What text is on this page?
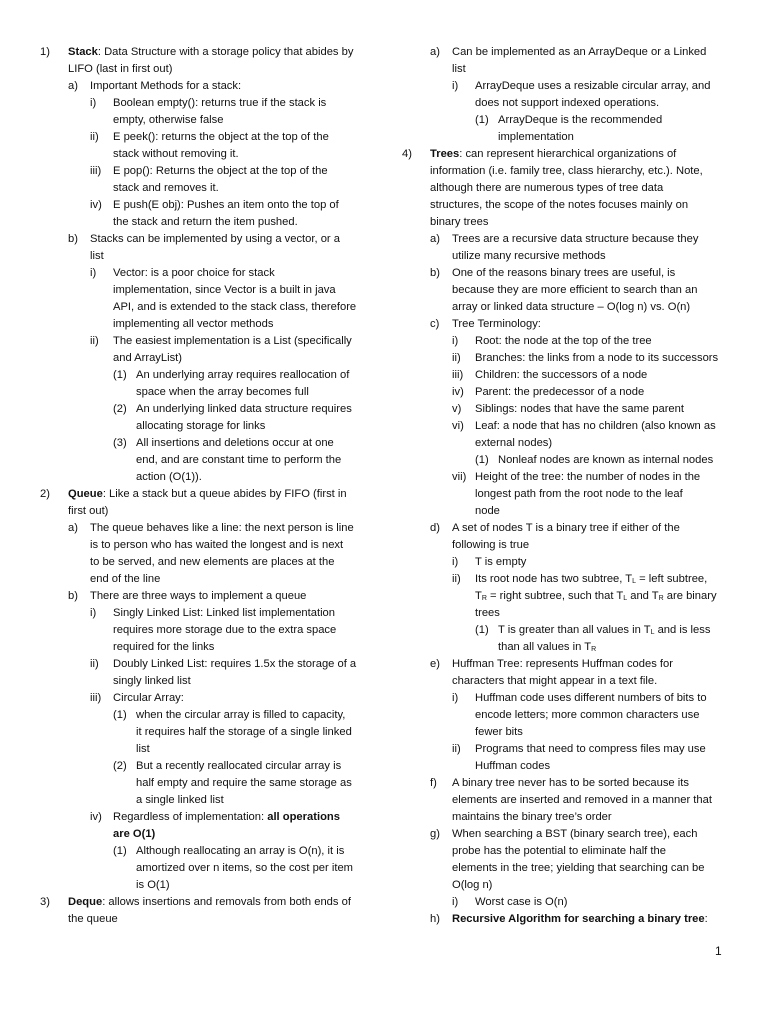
1) Stack: Data Structure with a storage policy that abides by
LIFO (last in first out)
a) Important Methods for a stack:
i) Boolean empty(): returns true if the stack is
empty, otherwise false
ii) E peek(): returns the object at the top of the
stack without removing it.
iii) E pop(): Returns the object at the top of the
stack and removes it.
iv) E push(E obj): Pushes an item onto the top of
the stack and return the item pushed.
b) Stacks can be implemented by using a vector, or a
list
i) Vector: is a poor choice for stack
implementation, since Vector is a built in java
API, and is extended to the stack class, therefore
implementing all vector methods
ii) The easiest implementation is a List (specifically
and ArrayList)
(1) An underlying array requires reallocation of
space when the array becomes full
(2) An underlying linked data structure requires
allocating storage for links
(3) All insertions and deletions occur at one
end, and are constant time to perform the
action (O(1)).
2) Queue: Like a stack but a queue abides by FIFO (first in
first out)
a) The queue behaves like a line: the next person is line
is to person who has waited the longest and is next
to be served, and new elements are places at the
end of the line
b) There are three ways to implement a queue
i) Singly Linked List: Linked list implementation
requires more storage due to the extra space
required for the links
ii) Doubly Linked List: requires 1.5x the storage of a
singly linked list
iii) Circular Array:
(1) when the circular array is filled to capacity,
it requires half the storage of a single linked
list
(2) But a recently reallocated circular array is
half empty and require the same storage as
a single linked list
iv) Regardless of implementation: all operations
are O(1)
(1) Although reallocating an array is O(n), it is
amortized over n items, so the cost per item
is O(1)
3) Deque: allows insertions and removals from both ends of
the queue
a) Can be implemented as an ArrayDeque or a Linked
list
i) ArrayDeque uses a resizable circular array, and
does not support indexed operations.
(1) ArrayDeque is the recommended
implementation
4) Trees: can represent hierarchical organizations of
information (i.e. family tree, class hierarchy, etc.). Note,
although there are numerous types of tree data
structures, the scope of the notes focuses mainly on
binary trees
a) Trees are a recursive data structure because they
utilize many recursive methods
b) One of the reasons binary trees are useful, is
because they are more efficient to search than an
array or linked data structure – O(log n) vs. O(n)
c) Tree Terminology:
i) Root: the node at the top of the tree
ii) Branches: the links from a node to its successors
iii) Children: the successors of a node
iv) Parent: the predecessor of a node
v) Siblings: nodes that have the same parent
vi) Leaf: a node that has no children (also known as
external nodes)
(1) Nonleaf nodes are known as internal nodes
vii) Height of the tree: the number of nodes in the
longest path from the root node to the leaf
node
d) A set of nodes T is a binary tree if either of the
following is true
i) T is empty
ii) Its root node has two subtree, $T_L$ = left subtree,
$T_R$ = right subtree, such that $T_L$ and $T_R$ are binary
trees
(1) T is greater than all values in $T_L$ and is less
than all values in $T_R$
e) Huffman Tree: represents Huffman codes for
characters that might appear in a text file.
i) Huffman code uses different numbers of bits to
encode letters; more common characters use
fewer bits
ii) Programs that need to compress files may use
Huffman codes
f) A binary tree never has to be sorted because its
elements are inserted and removed in a manner that
maintains the binary tree’s order
g) When searching a BST (binary search tree), each
probe has the potential to eliminate half the
elements in the tree; yielding that searching can be
O(log n)
i) Worst case is O(n)
h) Recursive Algorithm for searching a binary tree:
1
